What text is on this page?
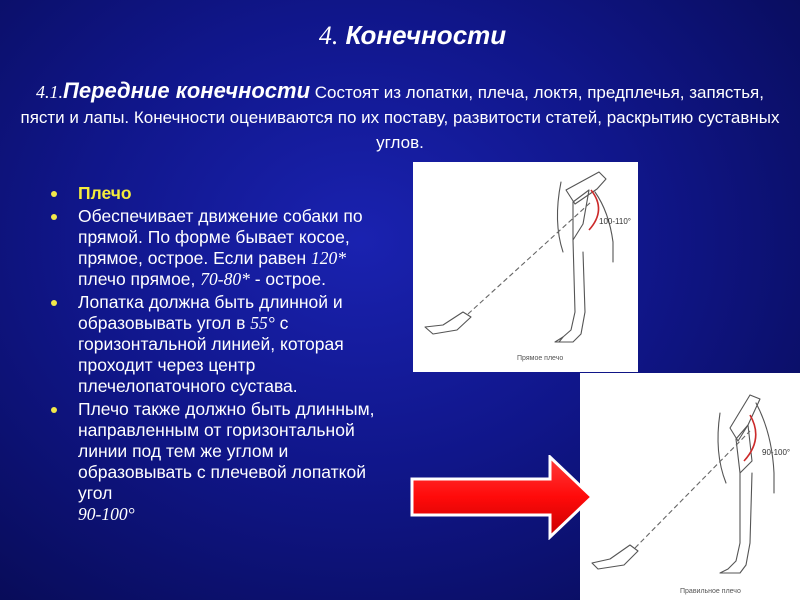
4. Конечности
4.1.Передние конечности Состоят из лопатки, плеча, локтя, предплечья, запястья, пясти и лапы. Конечности оцениваются по их поставу, развитости статей, раскрытию суставных углов.
Плечо
Обеспечивает движение собаки по прямой. По форме бывает косое, прямое, острое. Если равен 120* плечо прямое, 70-80* - острое.
Лопатка должна быть длинной и образовывать угол в 55° с горизонтальной линией, которая проходит через центр плечелопаточного сустава.
Плечо также должно быть длинным, направленным от горизонтальной линии под тем же углом и образовывать с плечевой лопаткой угол
90-100°
100-110°
Прямое плечо
90-100°
Правильное плечо
